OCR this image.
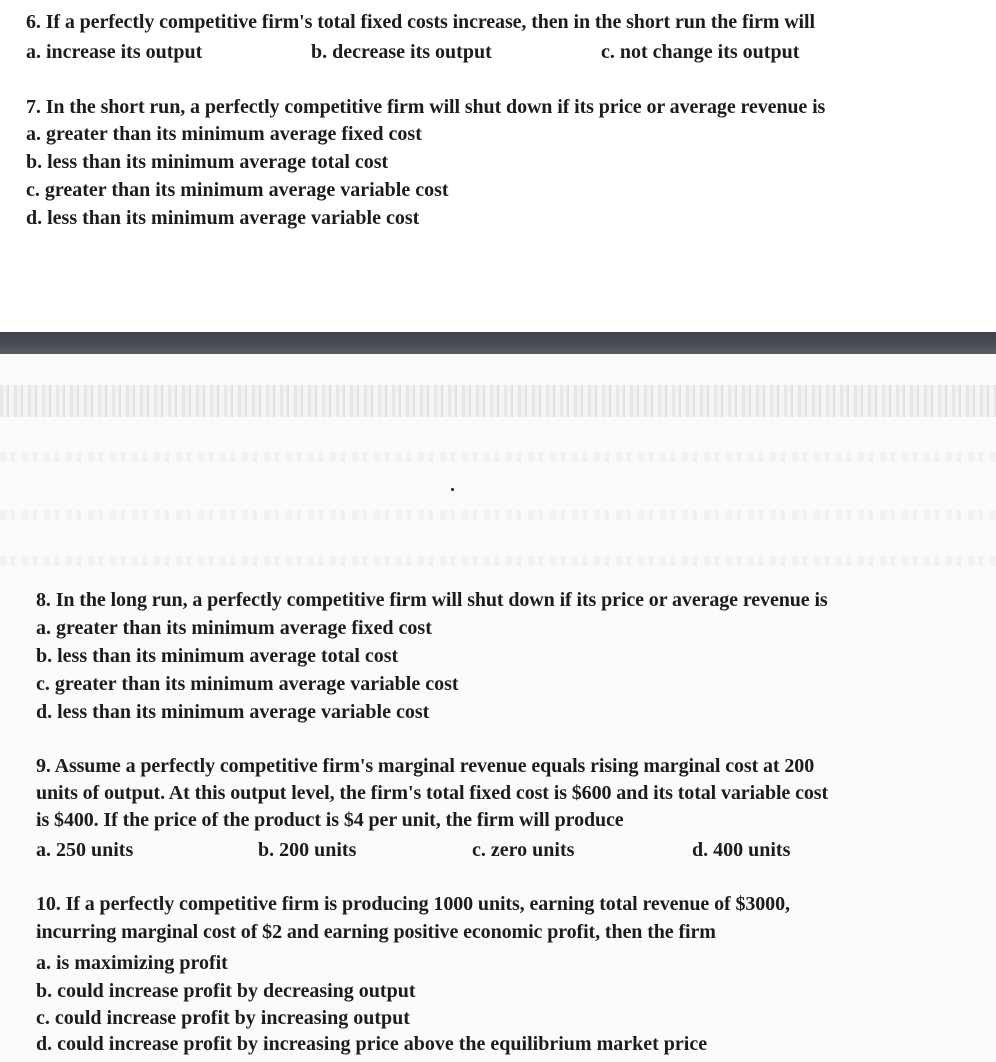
6. If a perfectly competitive firm's total fixed costs increase, then in the short run the firm will
a. increase its output	b. decrease its output	c. not change its output
7. In the short run, a perfectly competitive firm will shut down if its price or average revenue is
a. greater than its minimum average fixed cost
b. less than its minimum average total cost
c. greater than its minimum average variable cost
d. less than its minimum average variable cost
8. In the long run, a perfectly competitive firm will shut down if its price or average revenue is
a. greater than its minimum average fixed cost
b. less than its minimum average total cost
c. greater than its minimum average variable cost
d. less than its minimum average variable cost
9. Assume a perfectly competitive firm's marginal revenue equals rising marginal cost at 200
units of output. At this output level, the firm's total fixed cost is $600 and its total variable cost
is $400. If the price of the product is $4 per unit, the firm will produce
a. 250 units	b. 200 units	c. zero units	d. 400 units
10. If a perfectly competitive firm is producing 1000 units, earning total revenue of $3000,
incurring marginal cost of $2 and earning positive economic profit, then the firm
a. is maximizing profit
b. could increase profit by decreasing output
c. could increase profit by increasing output
d. could increase profit by increasing price above the equilibrium market price
